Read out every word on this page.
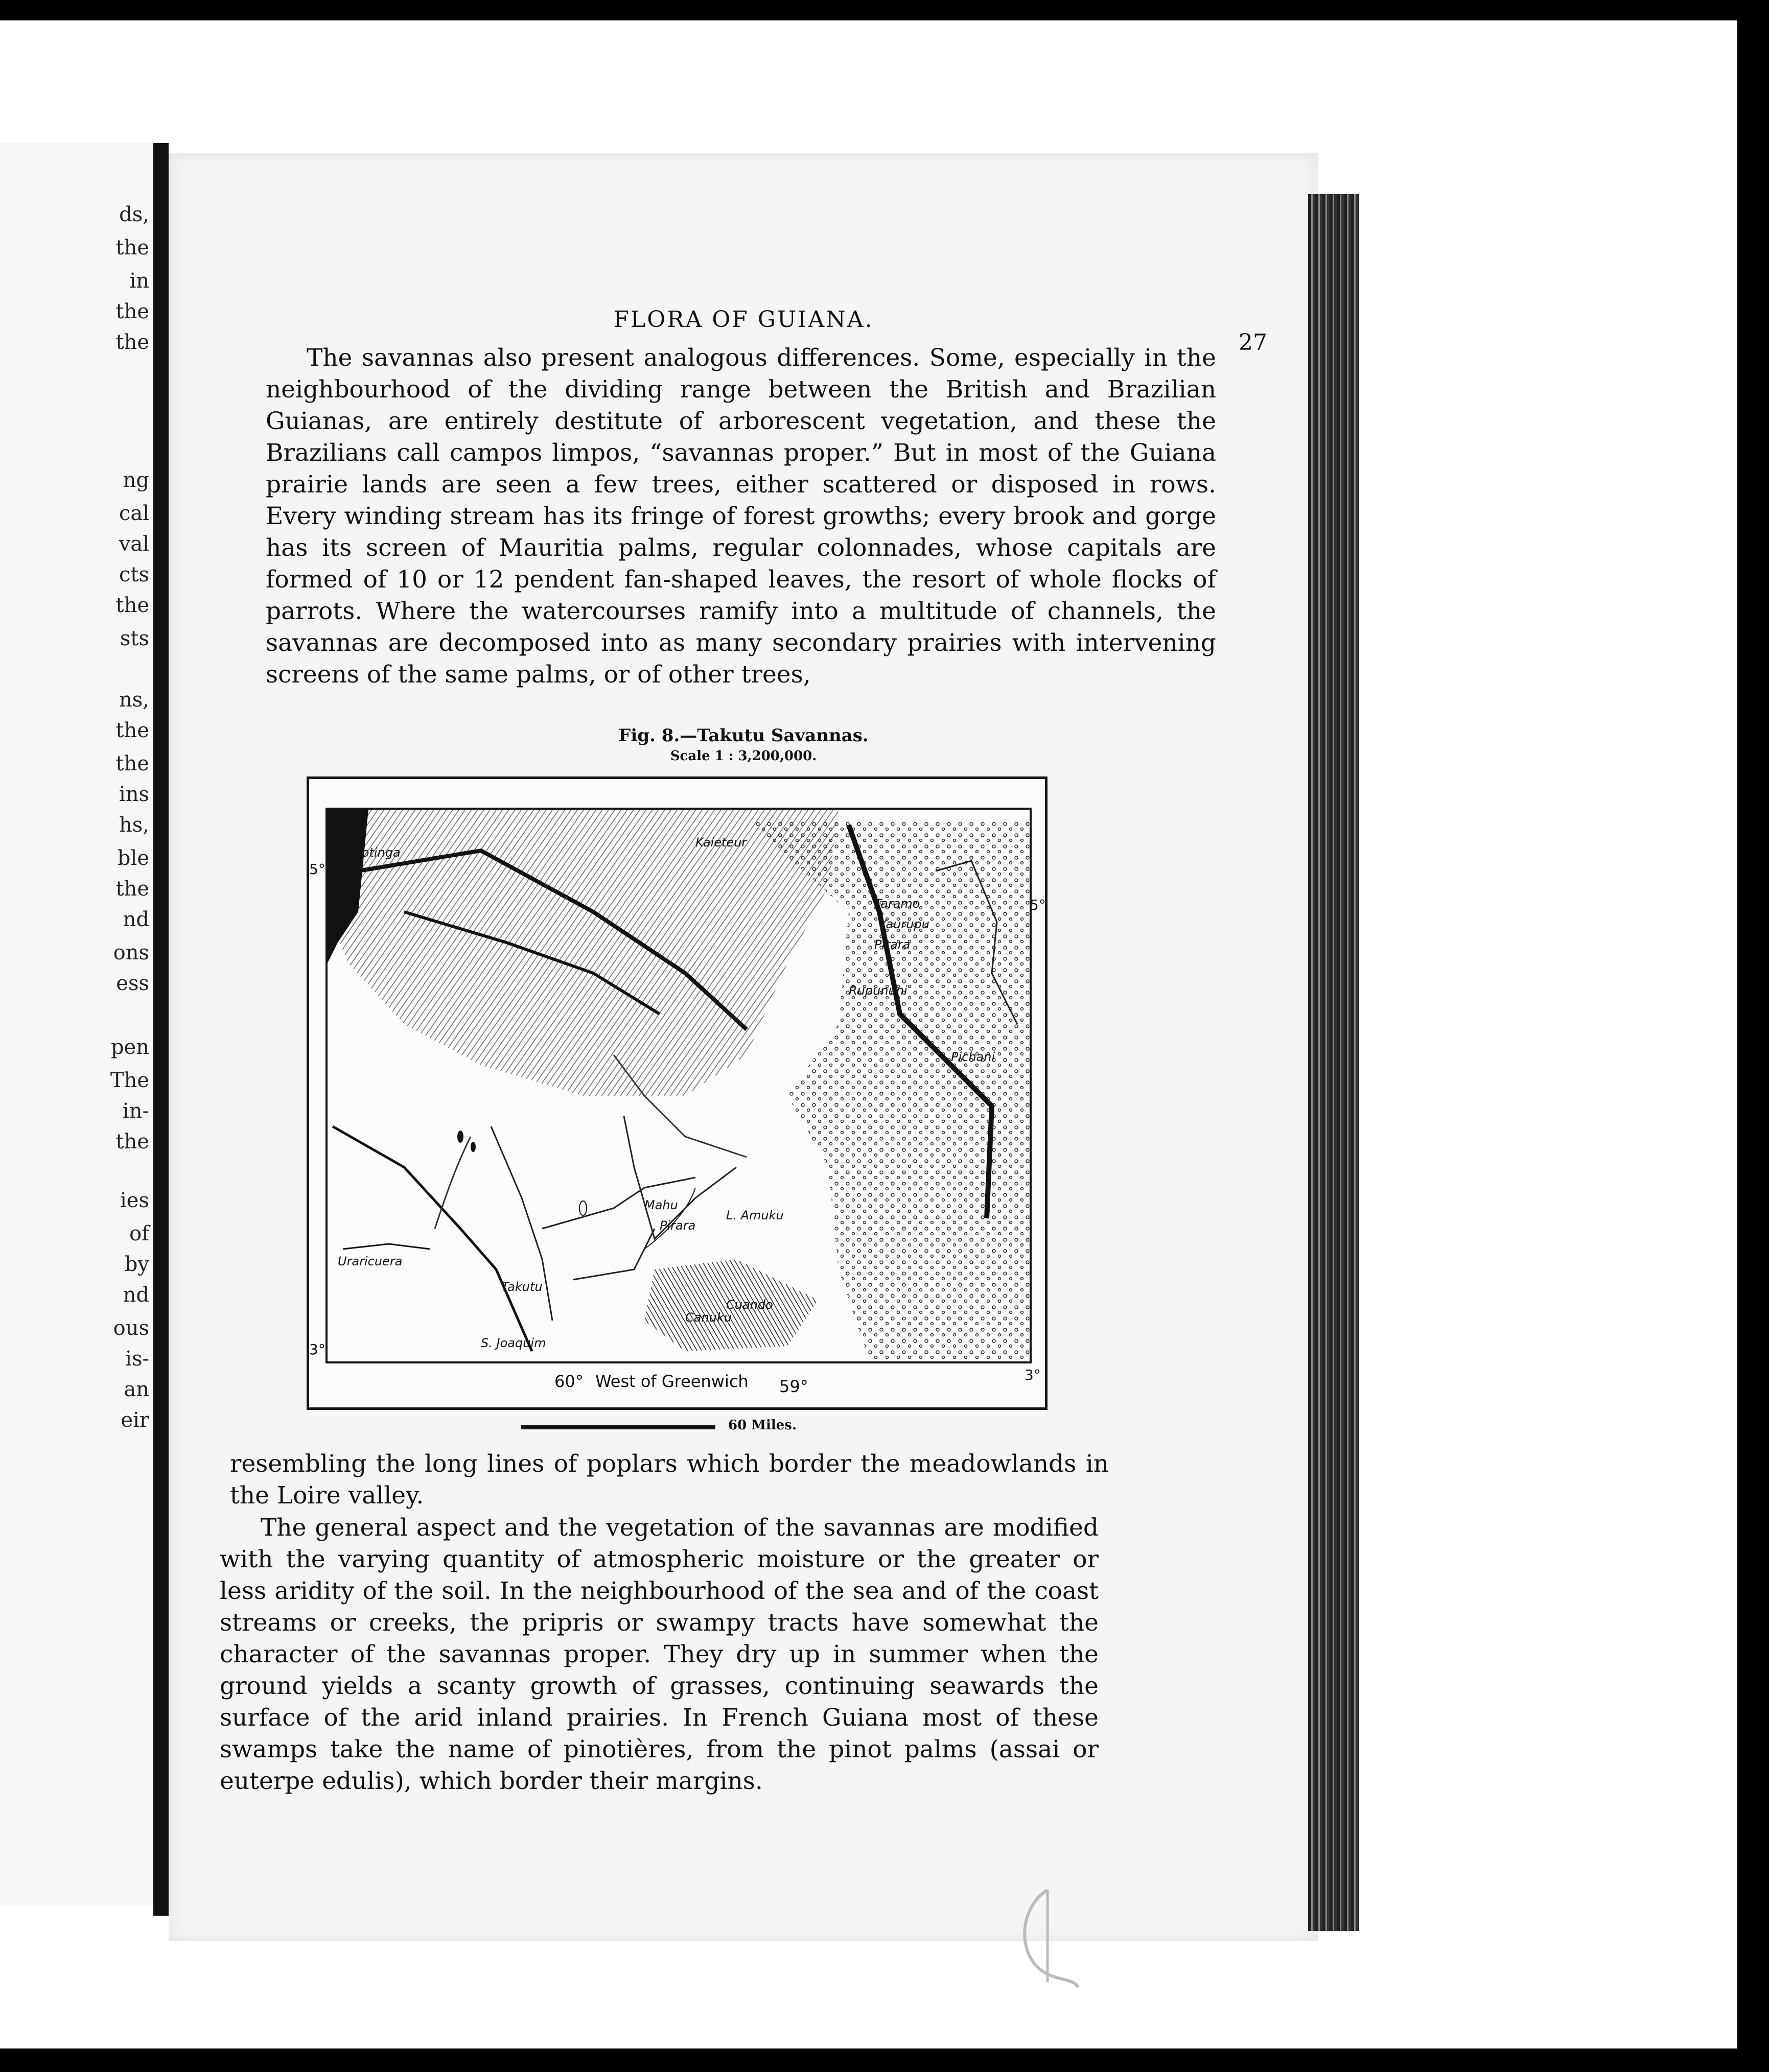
ds,
the
in
the
the
ng
cal
val
cts
the
sts
ns,
the
the
ins
hs,
ble
the
nd
ons
ess
pen
The
in-
the
ies
of
by
nd
ous
is-
an
eir
FLORA OF GUIANA.
27

The savannas also present analogous differences. Some, especially in the neighbourhood of the dividing range between the British and Brazilian Guianas, are entirely destitute of arborescent vegetation, and these the Brazilians call campos limpos, “savannas proper.” But in most of the Guiana prairie lands are seen a few trees, either scattered or disposed in rows. Every winding stream has its fringe of forest growths; every brook and gorge has its screen of Mauritia palms, regular colonnades, whose capitals are formed of 10 or 12 pendent fan-shaped leaves, the resort of whole flocks of parrots. Where the watercourses ramify into a multitude of channels, the savannas are decomposed into as many secondary prairies with intervening screens of the same palms, or of other trees,

Fig. 8.—Takutu Savannas.
Scale 1 : 3,200,000.
Cotinga
Kaieteur
Taramo
Yaurupu
Pirara
Rupununi
Pichani
Uraricuera
Takutu
Mahu
L. Amuku
Pirara
S. Joaquim
Canuku
Cuando
5°
5°
3°
3°
60° West of Greenwich 59°
60 Miles.

resembling the long lines of poplars which border the meadowlands in the Loire valley.

The general aspect and the vegetation of the savannas are modified with the varying quantity of atmospheric moisture or the greater or less aridity of the soil. In the neighbourhood of the sea and of the coast streams or creeks, the pripris or swampy tracts have somewhat the character of the savannas proper. They dry up in summer when the ground yields a scanty growth of grasses, continuing seawards the surface of the arid inland prairies. In French Guiana most of these swamps take the name of pinotières, from the pinot palms (assai or euterpe edulis), which border their margins.
